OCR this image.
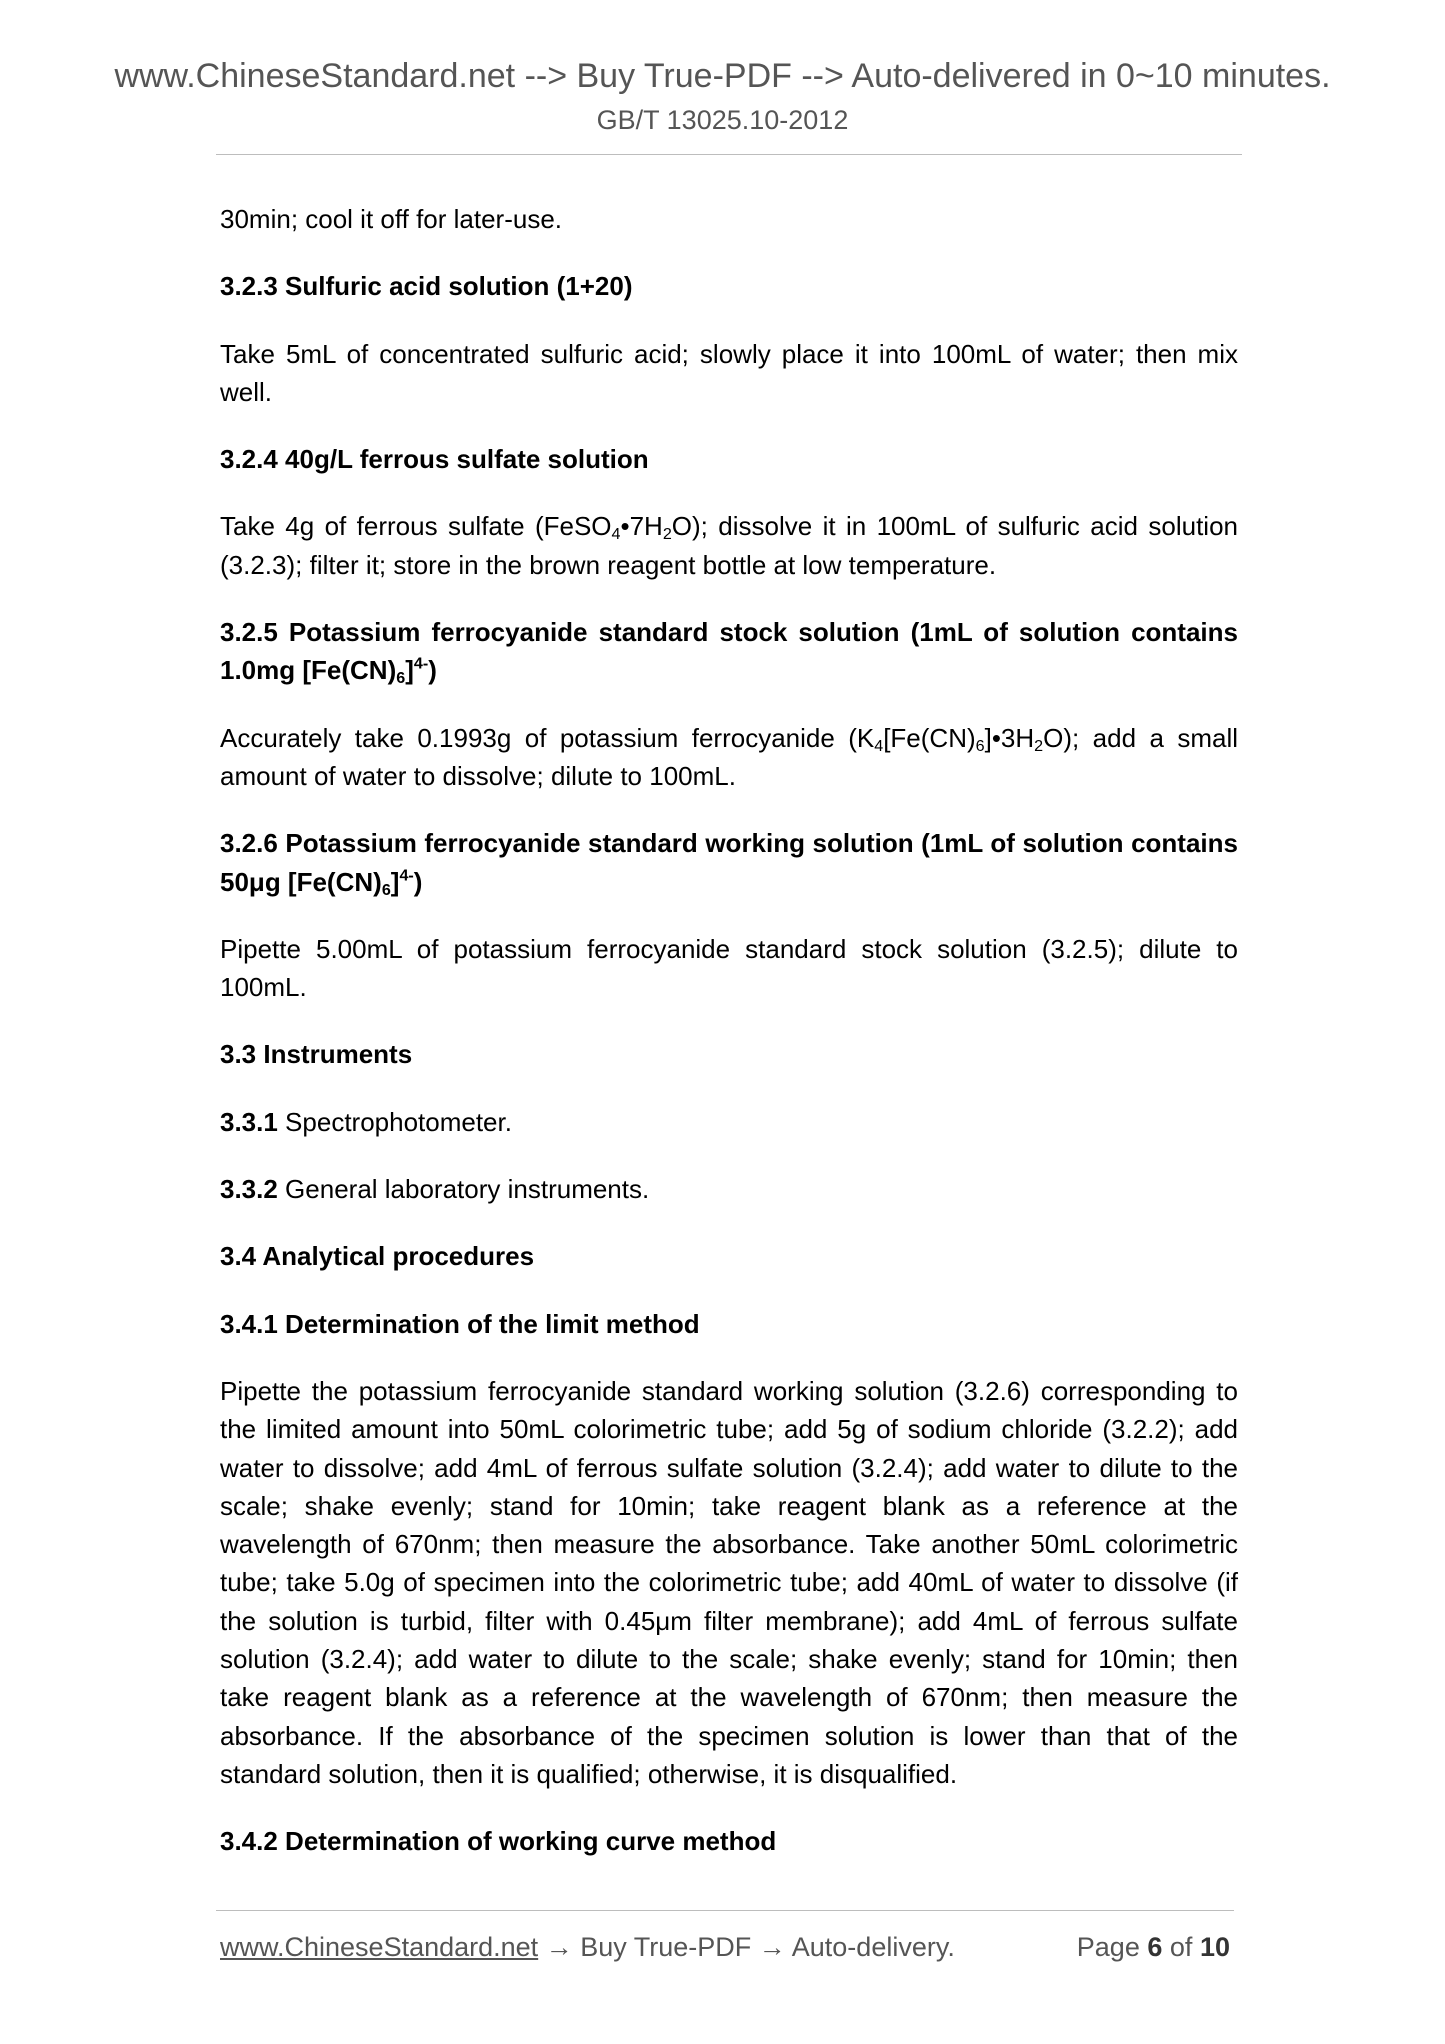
www.ChineseStandard.net --> Buy True-PDF --> Auto-delivered in 0~10 minutes.
GB/T 13025.10-2012

30min; cool it off for later-use.

3.2.3 Sulfuric acid solution (1+20)

Take 5mL of concentrated sulfuric acid; slowly place it into 100mL of water; then mix well.

3.2.4 40g/L ferrous sulfate solution

Take 4g of ferrous sulfate $(FeSO_4•7H_2O)$; dissolve it in 100mL of sulfuric acid solution (3.2.3); filter it; store in the brown reagent bottle at low temperature.

3.2.5 Potassium ferrocyanide standard stock solution (1mL of solution contains 1.0mg $[Fe(CN)_6]^{4-}$)

Accurately take 0.1993g of potassium ferrocyanide $(K_4[Fe(CN)_6]•3H_2O)$; add a small amount of water to dissolve; dilute to 100mL.

3.2.6 Potassium ferrocyanide standard working solution (1mL of solution contains 50μg $[Fe(CN)_6]^{4-}$)

Pipette 5.00mL of potassium ferrocyanide standard stock solution (3.2.5); dilute to 100mL.

3.3 Instruments

3.3.1 Spectrophotometer.

3.3.2 General laboratory instruments.

3.4 Analytical procedures
3.4.1 Determination of the limit method

Pipette the potassium ferrocyanide standard working solution (3.2.6) corresponding to the limited amount into 50mL colorimetric tube; add 5g of sodium chloride (3.2.2); add water to dissolve; add 4mL of ferrous sulfate solution (3.2.4); add water to dilute to the scale; shake evenly; stand for 10min; take reagent blank as a reference at the wavelength of 670nm; then measure the absorbance. Take another 50mL colorimetric tube; take 5.0g of specimen into the colorimetric tube; add 40mL of water to dissolve (if the solution is turbid, filter with 0.45μm filter membrane); add 4mL of ferrous sulfate solution (3.2.4); add water to dilute to the scale; shake evenly; stand for 10min; then take reagent blank as a reference at the wavelength of 670nm; then measure the absorbance. If the absorbance of the specimen solution is lower than that of the standard solution, then it is qualified; otherwise, it is disqualified.

3.4.2 Determination of working curve method
www.ChineseStandard.net → Buy True-PDF → Auto-delivery.	Page 6 of 10
